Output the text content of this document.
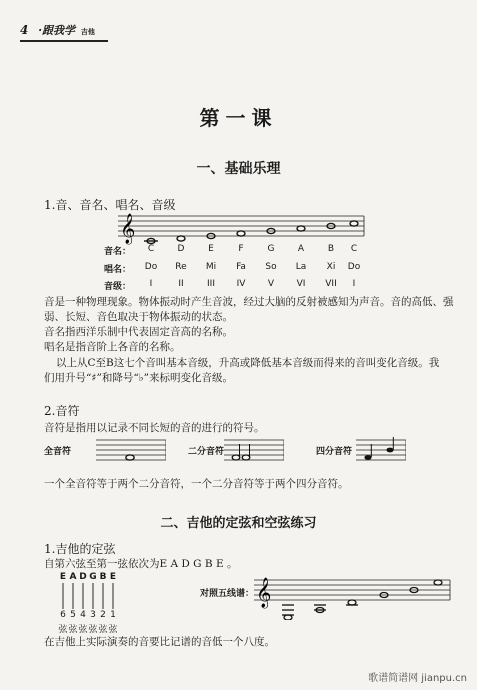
4 ·跟我学 吉他
第一课
一、基础乐理
1.音、音名、唱名、音级
𝄞
音名：	C	D	E	F	G	A	B	C
唱名：	Do	Re	Mi	Fa	So	La	Xi	Do
音级：	I	II	III	IV	V	VI	VII	I
音是一种物理现象。物体振动时产生音波，经过大脑的反射被感知为声音。音的高低、强
弱、长短、音色取决于物体振动的状态。
音名指西洋乐制中代表固定音高的名称。
唱名是指音阶上各音的名称。
以上从C至B这七个音叫基本音级，升高或降低基本音级而得来的音叫变化音级。我
们用升号“♯”和降号“♭”来标明变化音级。
2.音符
音符是指用以记录不同长短的音的进行的符号。
全音符	二分音符	四分音符
一个全音符等于两个二分音符，一个二分音符等于两个四分音符。
二、吉他的定弦和空弦练习
1.吉他的定弦
自第六弦至第一弦依次为E A D G B E 。
E A D G B E
6 5 4 3 2 1
弦 弦 弦 弦 弦 弦
对照五线谱： 𝄞
在吉他上实际演奏的音要比记谱的音低一个八度。
歌谱简谱网 jianpu.cn
